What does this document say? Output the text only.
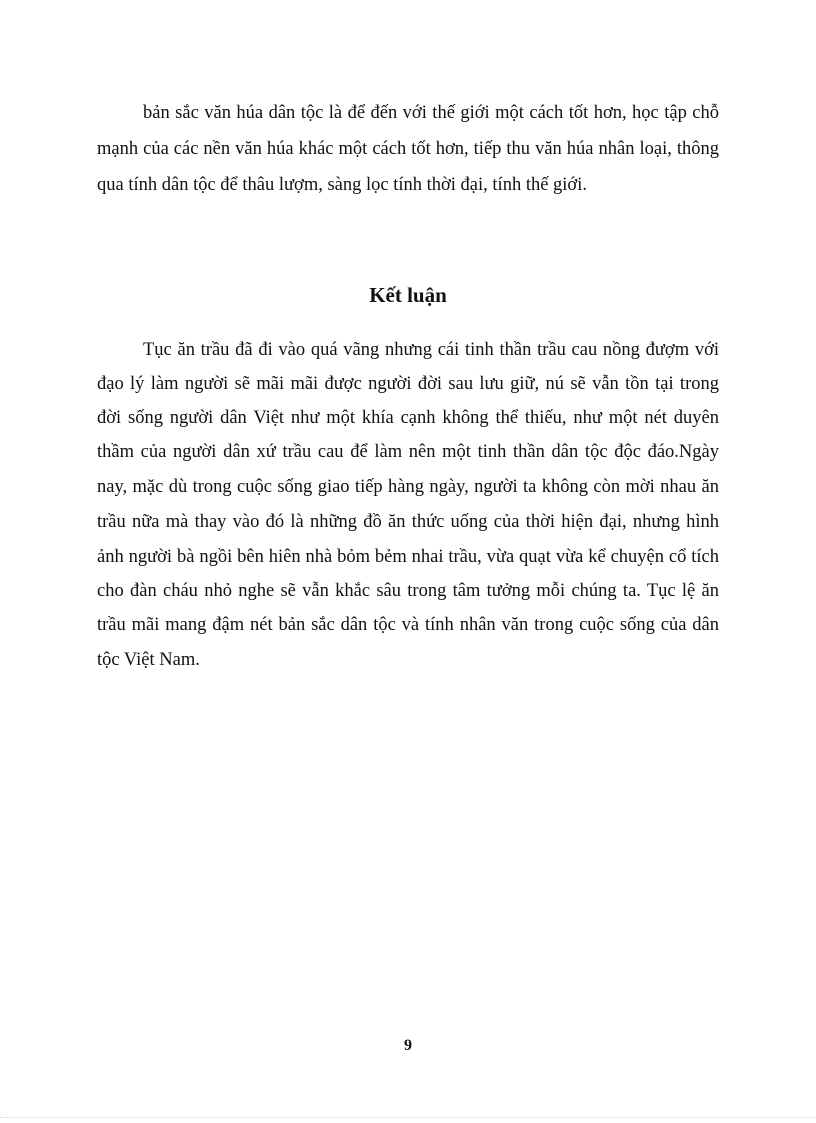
bản sắc văn húa dân tộc là để đến với thế giới một cách tốt hơn, học tập chỗ
mạnh của các nền văn húa khác một cách tốt hơn, tiếp thu văn húa nhân loại, thông
qua tính dân tộc để thâu lượm, sàng lọc tính thời đại, tính thế giới.
Kết luận
Tục ăn trầu đã đi vào quá vãng nhưng cái tinh thần trầu cau nồng đượm với
đạo lý làm người sẽ mãi mãi được người đời sau lưu giữ, nú sẽ vẫn tồn tại trong
đời sống người dân Việt như một khía cạnh không thể thiếu, như một nét duyên
thầm của người dân xứ trầu cau để làm nên một tinh thần dân tộc độc đáo.Ngày
nay, mặc dù trong cuộc sống giao tiếp hàng ngày, người ta không còn mời nhau ăn
trầu nữa mà thay vào đó là những đồ ăn thức uống của thời hiện đại, nhưng hình
ảnh người bà ngồi bên hiên nhà bỏm bẻm nhai trầu, vừa quạt vừa kể chuyện cổ tích
cho đàn cháu nhỏ nghe sẽ vẫn khắc sâu trong tâm tưởng mỗi chúng ta. Tục lệ ăn
trầu mãi mang đậm nét bản sắc dân tộc và tính nhân văn trong cuộc sống của dân
tộc Việt Nam.
9
